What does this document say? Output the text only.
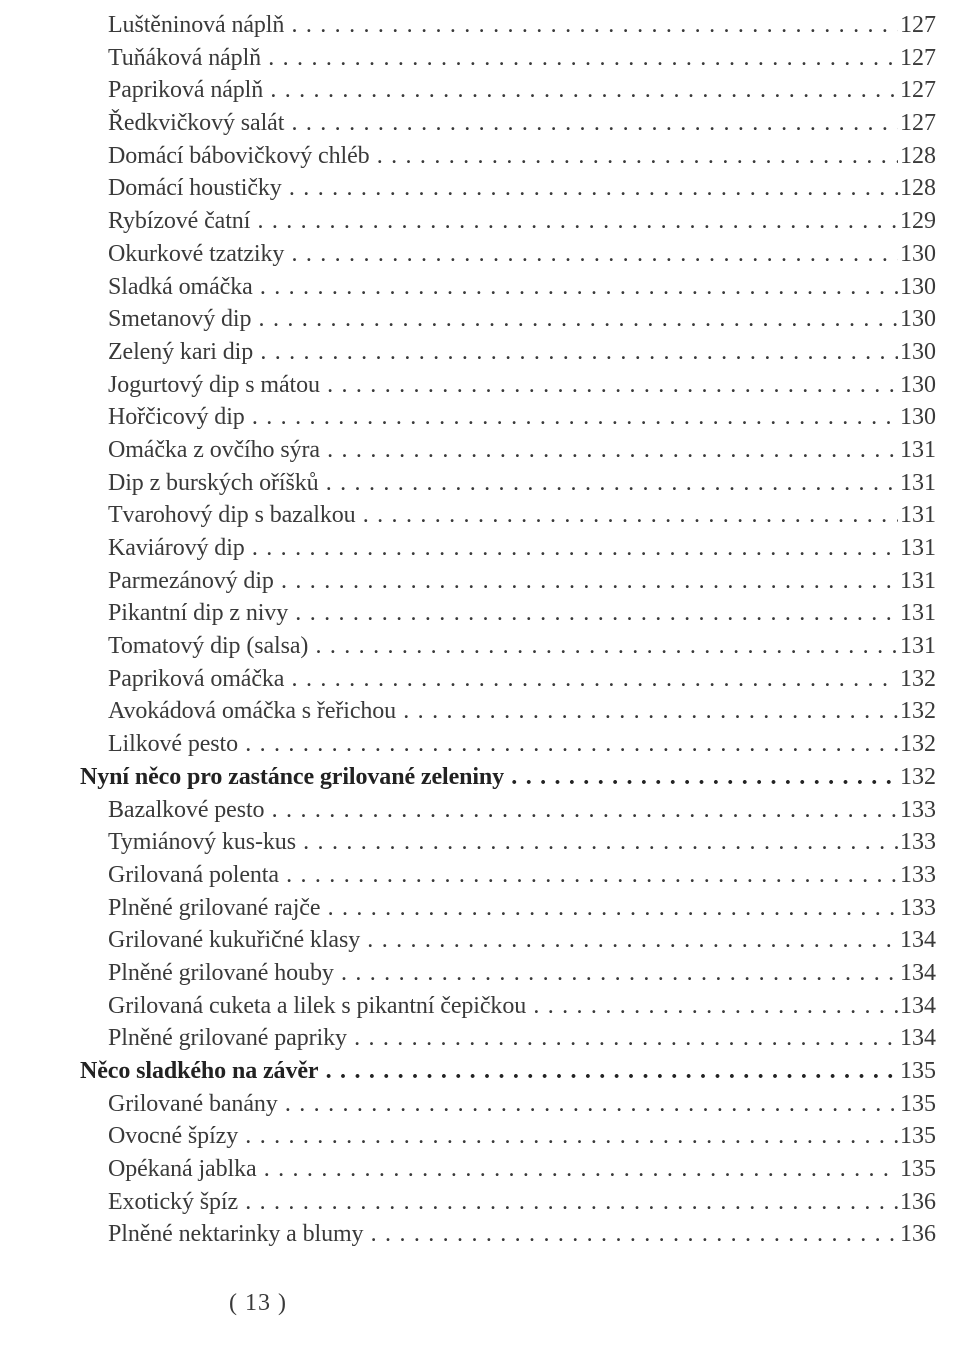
Luštěninová náplň . . .	127
Tuňáková náplň . . .	127
Papriková náplň . . .	127
Ředkvičkový salát . . .	127
Domácí bábovičkový chléb . . .	128
Domácí houstičky . . .	128
Rybízové čatní . . .	129
Okurkové tzatziky . . .	130
Sladká omáčka . . .	130
Smetanový dip . . .	130
Zelený kari dip . . .	130
Jogurtový dip s mátou . . .	130
Hořčicový dip . . .	130
Omáčka z ovčího sýra . . .	131
Dip z burských oříšků . . .	131
Tvarohový dip s bazalkou . . .	131
Kaviárový dip . . .	131
Parmezánový dip . . .	131
Pikantní dip z nivy . . .	131
Tomatový dip (salsa) . . .	131
Papriková omáčka . . .	132
Avokádová omáčka s řeřichou . . .	132
Lilkové pesto . . .	132
Nyní něco pro zastánce grilované zeleniny . . .	132
Bazalkové pesto . . .	133
Tymiánový kus-kus . . .	133
Grilovaná polenta . . .	133
Plněné grilované rajče . . .	133
Grilované kukuřičné klasy . . .	134
Plněné grilované houby . . .	134
Grilovaná cuketa a lilek s pikantní čepičkou . . .	134
Plněné grilované papriky . . .	134
Něco sladkého na závěr . . .	135
Grilované banány . . .	135
Ovocné špízy . . .	135
Opékaná jablka . . .	135
Exotický špíz . . .	136
Plněné nektarinky a blumy . . .	136
( 13 )
